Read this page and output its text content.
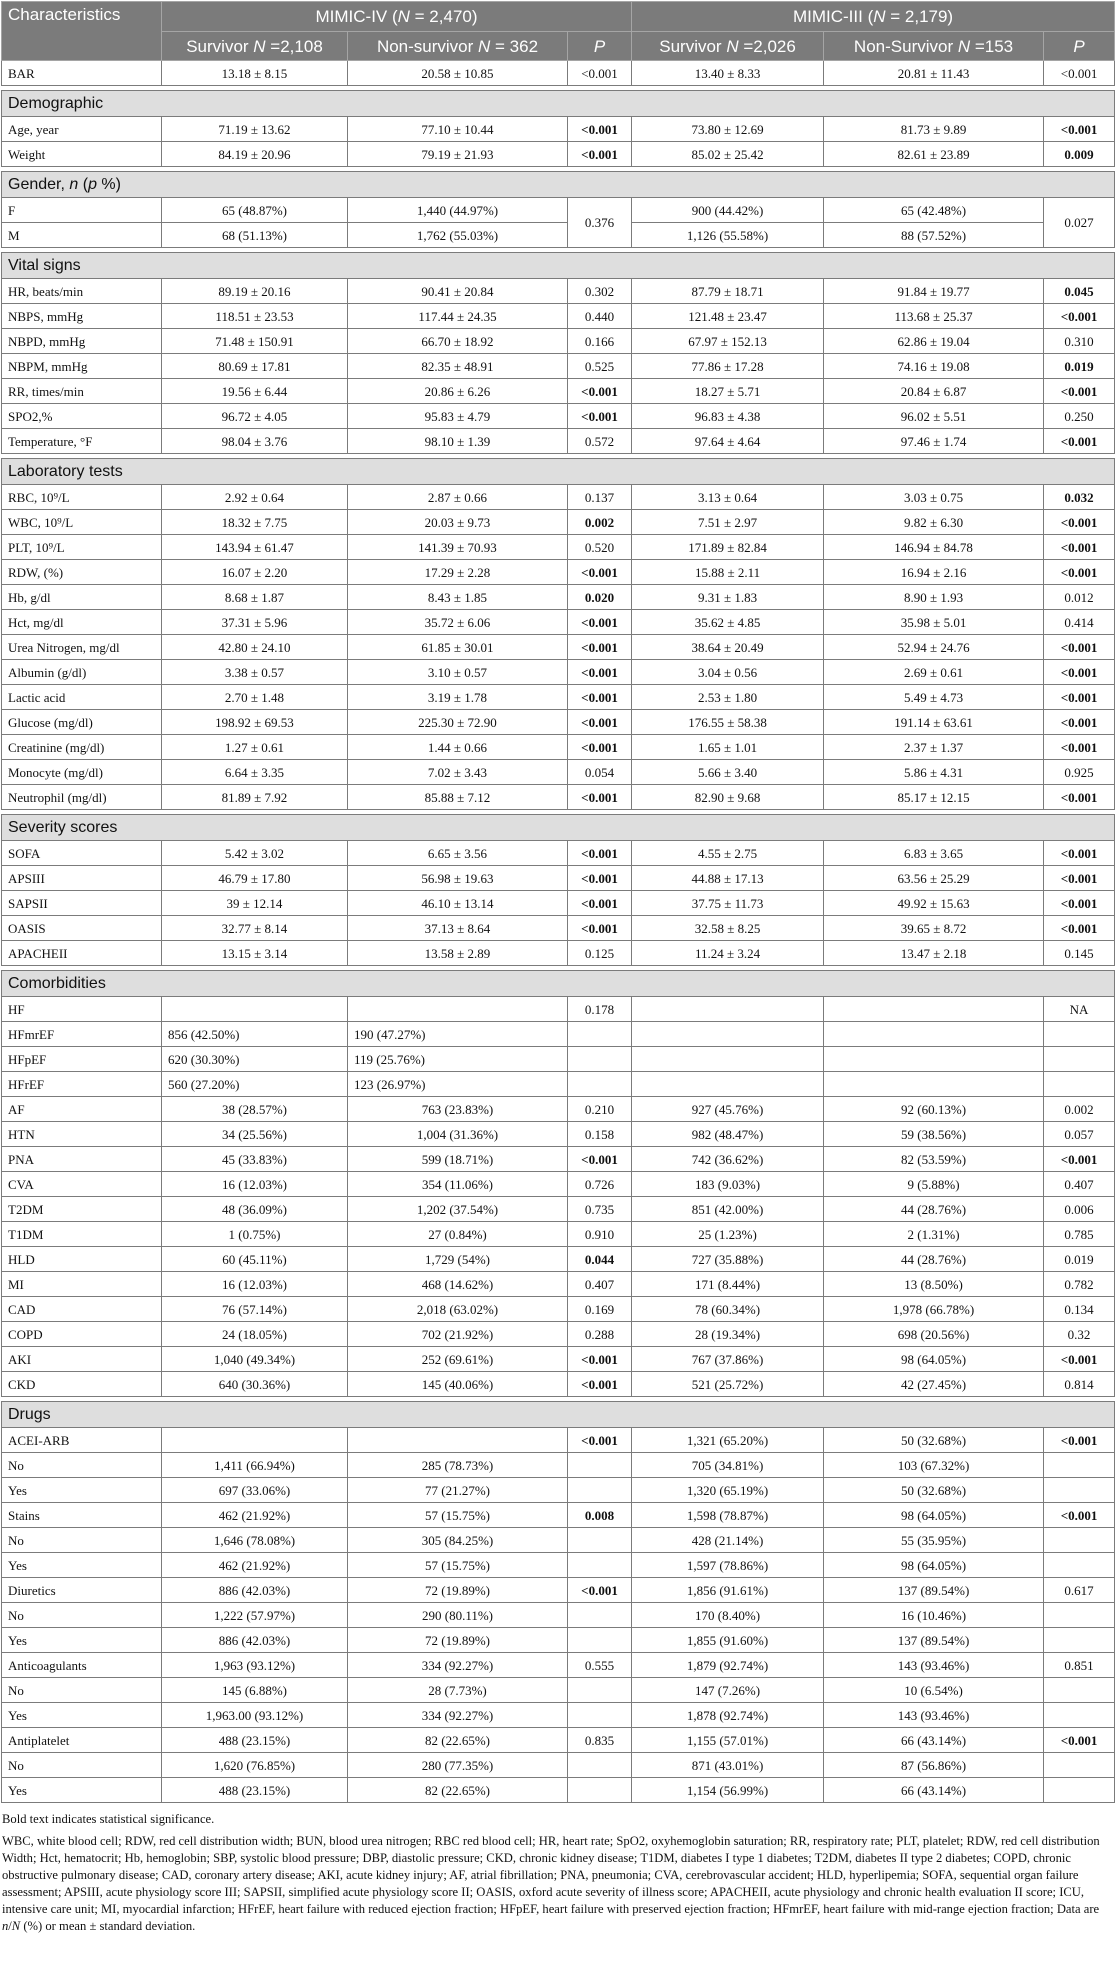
Characteristics	MIMIC-IV (N = 2,470)			MIMIC-III (N = 2,179)		
	Survivor N =2,108	Non-survivor N = 362	P	Survivor N =2,026	Non-Survivor N =153	P
BAR	13.18 ± 8.15	20.58 ± 10.85	<0.001	13.40 ± 8.33	20.81 ± 11.43	<0.001

Demographic						
Age, year	71.19 ± 13.62	77.10 ± 10.44	<0.001	73.80 ± 12.69	81.73 ± 9.89	<0.001
Weight	84.19 ± 20.96	79.19 ± 21.93	<0.001	85.02 ± 25.42	82.61 ± 23.89	0.009

Gender, n (p %)						
F	65 (48.87%)	1,440 (44.97%)	0.376	900 (44.42%)	65 (42.48%)	0.027
M	68 (51.13%)	1,762 (55.03%)		1,126 (55.58%)	88 (57.52%)	

Vital signs						
HR, beats/min	89.19 ± 20.16	90.41 ± 20.84	0.302	87.79 ± 18.71	91.84 ± 19.77	0.045
NBPS, mmHg	118.51 ± 23.53	117.44 ± 24.35	0.440	121.48 ± 23.47	113.68 ± 25.37	<0.001
NBPD, mmHg	71.48 ± 150.91	66.70 ± 18.92	0.166	67.97 ± 152.13	62.86 ± 19.04	0.310
NBPM, mmHg	80.69 ± 17.81	82.35 ± 48.91	0.525	77.86 ± 17.28	74.16 ± 19.08	0.019
RR, times/min	19.56 ± 6.44	20.86 ± 6.26	<0.001	18.27 ± 5.71	20.84 ± 6.87	<0.001
SPO2,%	96.72 ± 4.05	95.83 ± 4.79	<0.001	96.83 ± 4.38	96.02 ± 5.51	0.250
Temperature, °F	98.04 ± 3.76	98.10 ± 1.39	0.572	97.64 ± 4.64	97.46 ± 1.74	<0.001

Laboratory tests						
RBC, 10⁹/L	2.92 ± 0.64	2.87 ± 0.66	0.137	3.13 ± 0.64	3.03 ± 0.75	0.032
WBC, 10⁹/L	18.32 ± 7.75	20.03 ± 9.73	0.002	7.51 ± 2.97	9.82 ± 6.30	<0.001
PLT, 10⁹/L	143.94 ± 61.47	141.39 ± 70.93	0.520	171.89 ± 82.84	146.94 ± 84.78	<0.001
RDW, (%)	16.07 ± 2.20	17.29 ± 2.28	<0.001	15.88 ± 2.11	16.94 ± 2.16	<0.001
Hb, g/dl	8.68 ± 1.87	8.43 ± 1.85	0.020	9.31 ± 1.83	8.90 ± 1.93	0.012
Hct, mg/dl	37.31 ± 5.96	35.72 ± 6.06	<0.001	35.62 ± 4.85	35.98 ± 5.01	0.414
Urea Nitrogen, mg/dl	42.80 ± 24.10	61.85 ± 30.01	<0.001	38.64 ± 20.49	52.94 ± 24.76	<0.001
Albumin (g/dl)	3.38 ± 0.57	3.10 ± 0.57	<0.001	3.04 ± 0.56	2.69 ± 0.61	<0.001
Lactic acid	2.70 ± 1.48	3.19 ± 1.78	<0.001	2.53 ± 1.80	5.49 ± 4.73	<0.001
Glucose (mg/dl)	198.92 ± 69.53	225.30 ± 72.90	<0.001	176.55 ± 58.38	191.14 ± 63.61	<0.001
Creatinine (mg/dl)	1.27 ± 0.61	1.44 ± 0.66	<0.001	1.65 ± 1.01	2.37 ± 1.37	<0.001
Monocyte (mg/dl)	6.64 ± 3.35	7.02 ± 3.43	0.054	5.66 ± 3.40	5.86 ± 4.31	0.925
Neutrophil (mg/dl)	81.89 ± 7.92	85.88 ± 7.12	<0.001	82.90 ± 9.68	85.17 ± 12.15	<0.001

Severity scores						
SOFA	5.42 ± 3.02	6.65 ± 3.56	<0.001	4.55 ± 2.75	6.83 ± 3.65	<0.001
APSIII	46.79 ± 17.80	56.98 ± 19.63	<0.001	44.88 ± 17.13	63.56 ± 25.29	<0.001
SAPSII	39 ± 12.14	46.10 ± 13.14	<0.001	37.75 ± 11.73	49.92 ± 15.63	<0.001
OASIS	32.77 ± 8.14	37.13 ± 8.64	<0.001	32.58 ± 8.25	39.65 ± 8.72	<0.001
APACHEII	13.15 ± 3.14	13.58 ± 2.89	0.125	11.24 ± 3.24	13.47 ± 2.18	0.145

Comorbidities						
HF			0.178			NA
HFmrEF	856 (42.50%)	190 (47.27%)				
HFpEF	620 (30.30%)	119 (25.76%)				
HFrEF	560 (27.20%)	123 (26.97%)				
AF	38 (28.57%)	763 (23.83%)	0.210	927 (45.76%)	92 (60.13%)	0.002
HTN	34 (25.56%)	1,004 (31.36%)	0.158	982 (48.47%)	59 (38.56%)	0.057
PNA	45 (33.83%)	599 (18.71%)	<0.001	742 (36.62%)	82 (53.59%)	<0.001
CVA	16 (12.03%)	354 (11.06%)	0.726	183 (9.03%)	9 (5.88%)	0.407
T2DM	48 (36.09%)	1,202 (37.54%)	0.735	851 (42.00%)	44 (28.76%)	0.006
T1DM	1 (0.75%)	27 (0.84%)	0.910	25 (1.23%)	2 (1.31%)	0.785
HLD	60 (45.11%)	1,729 (54%)	0.044	727 (35.88%)	44 (28.76%)	0.019
MI	16 (12.03%)	468 (14.62%)	0.407	171 (8.44%)	13 (8.50%)	0.782
CAD	76 (57.14%)	2,018 (63.02%)	0.169	78 (60.34%)	1,978 (66.78%)	0.134
COPD	24 (18.05%)	702 (21.92%)	0.288	28 (19.34%)	698 (20.56%)	0.32
AKI	1,040 (49.34%)	252 (69.61%)	<0.001	767 (37.86%)	98 (64.05%)	<0.001
CKD	640 (30.36%)	145 (40.06%)	<0.001	521 (25.72%)	42 (27.45%)	0.814

Drugs						
ACEI-ARB			<0.001	1,321 (65.20%)	50 (32.68%)	<0.001
No	1,411 (66.94%)	285 (78.73%)		705 (34.81%)	103 (67.32%)	
Yes	697 (33.06%)	77 (21.27%)		1,320 (65.19%)	50 (32.68%)	
Stains	462 (21.92%)	57 (15.75%)	0.008	1,598 (78.87%)	98 (64.05%)	<0.001
No	1,646 (78.08%)	305 (84.25%)		428 (21.14%)	55 (35.95%)	
Yes	462 (21.92%)	57 (15.75%)		1,597 (78.86%)	98 (64.05%)	
Diuretics	886 (42.03%)	72 (19.89%)	<0.001	1,856 (91.61%)	137 (89.54%)	0.617
No	1,222 (57.97%)	290 (80.11%)		170 (8.40%)	16 (10.46%)	
Yes	886 (42.03%)	72 (19.89%)		1,855 (91.60%)	137 (89.54%)	
Anticoagulants	1,963 (93.12%)	334 (92.27%)	0.555	1,879 (92.74%)	143 (93.46%)	0.851
No	145 (6.88%)	28 (7.73%)		147 (7.26%)	10 (6.54%)	
Yes	1,963.00 (93.12%)	334 (92.27%)		1,878 (92.74%)	143 (93.46%)	
Antiplatelet	488 (23.15%)	82 (22.65%)	0.835	1,155 (57.01%)	66 (43.14%)	<0.001
No	1,620 (76.85%)	280 (77.35%)		871 (43.01%)	87 (56.86%)	
Yes	488 (23.15%)	82 (22.65%)		1,154 (56.99%)	66 (43.14%)	

Bold text indicates statistical significance.

WBC, white blood cell; RDW, red cell distribution width; BUN, blood urea nitrogen; RBC red blood cell; HR, heart rate; SpO2, oxyhemoglobin saturation; RR, respiratory rate; PLT, platelet; RDW, red cell distribution Width; Hct, hematocrit; Hb, hemoglobin; SBP, systolic blood pressure; DBP, diastolic pressure; CKD, chronic kidney disease; T1DM, diabetes I type 1 diabetes; T2DM, diabetes II type 2 diabetes; COPD, chronic obstructive pulmonary disease; CAD, coronary artery disease; AKI, acute kidney injury; AF, atrial fibrillation; PNA, pneumonia; CVA, cerebrovascular accident; HLD, hyperlipemia; SOFA, sequential organ failure assessment; APSIII, acute physiology score III; SAPSII, simplified acute physiology score II; OASIS, oxford acute severity of illness score; APACHEII, acute physiology and chronic health evaluation II score; ICU, intensive care unit; MI, myocardial infarction; HFrEF, heart failure with reduced ejection fraction; HFpEF, heart failure with preserved ejection fraction; HFmrEF, heart failure with mid-range ejection fraction; Data are n/N (%) or mean ± standard deviation.
